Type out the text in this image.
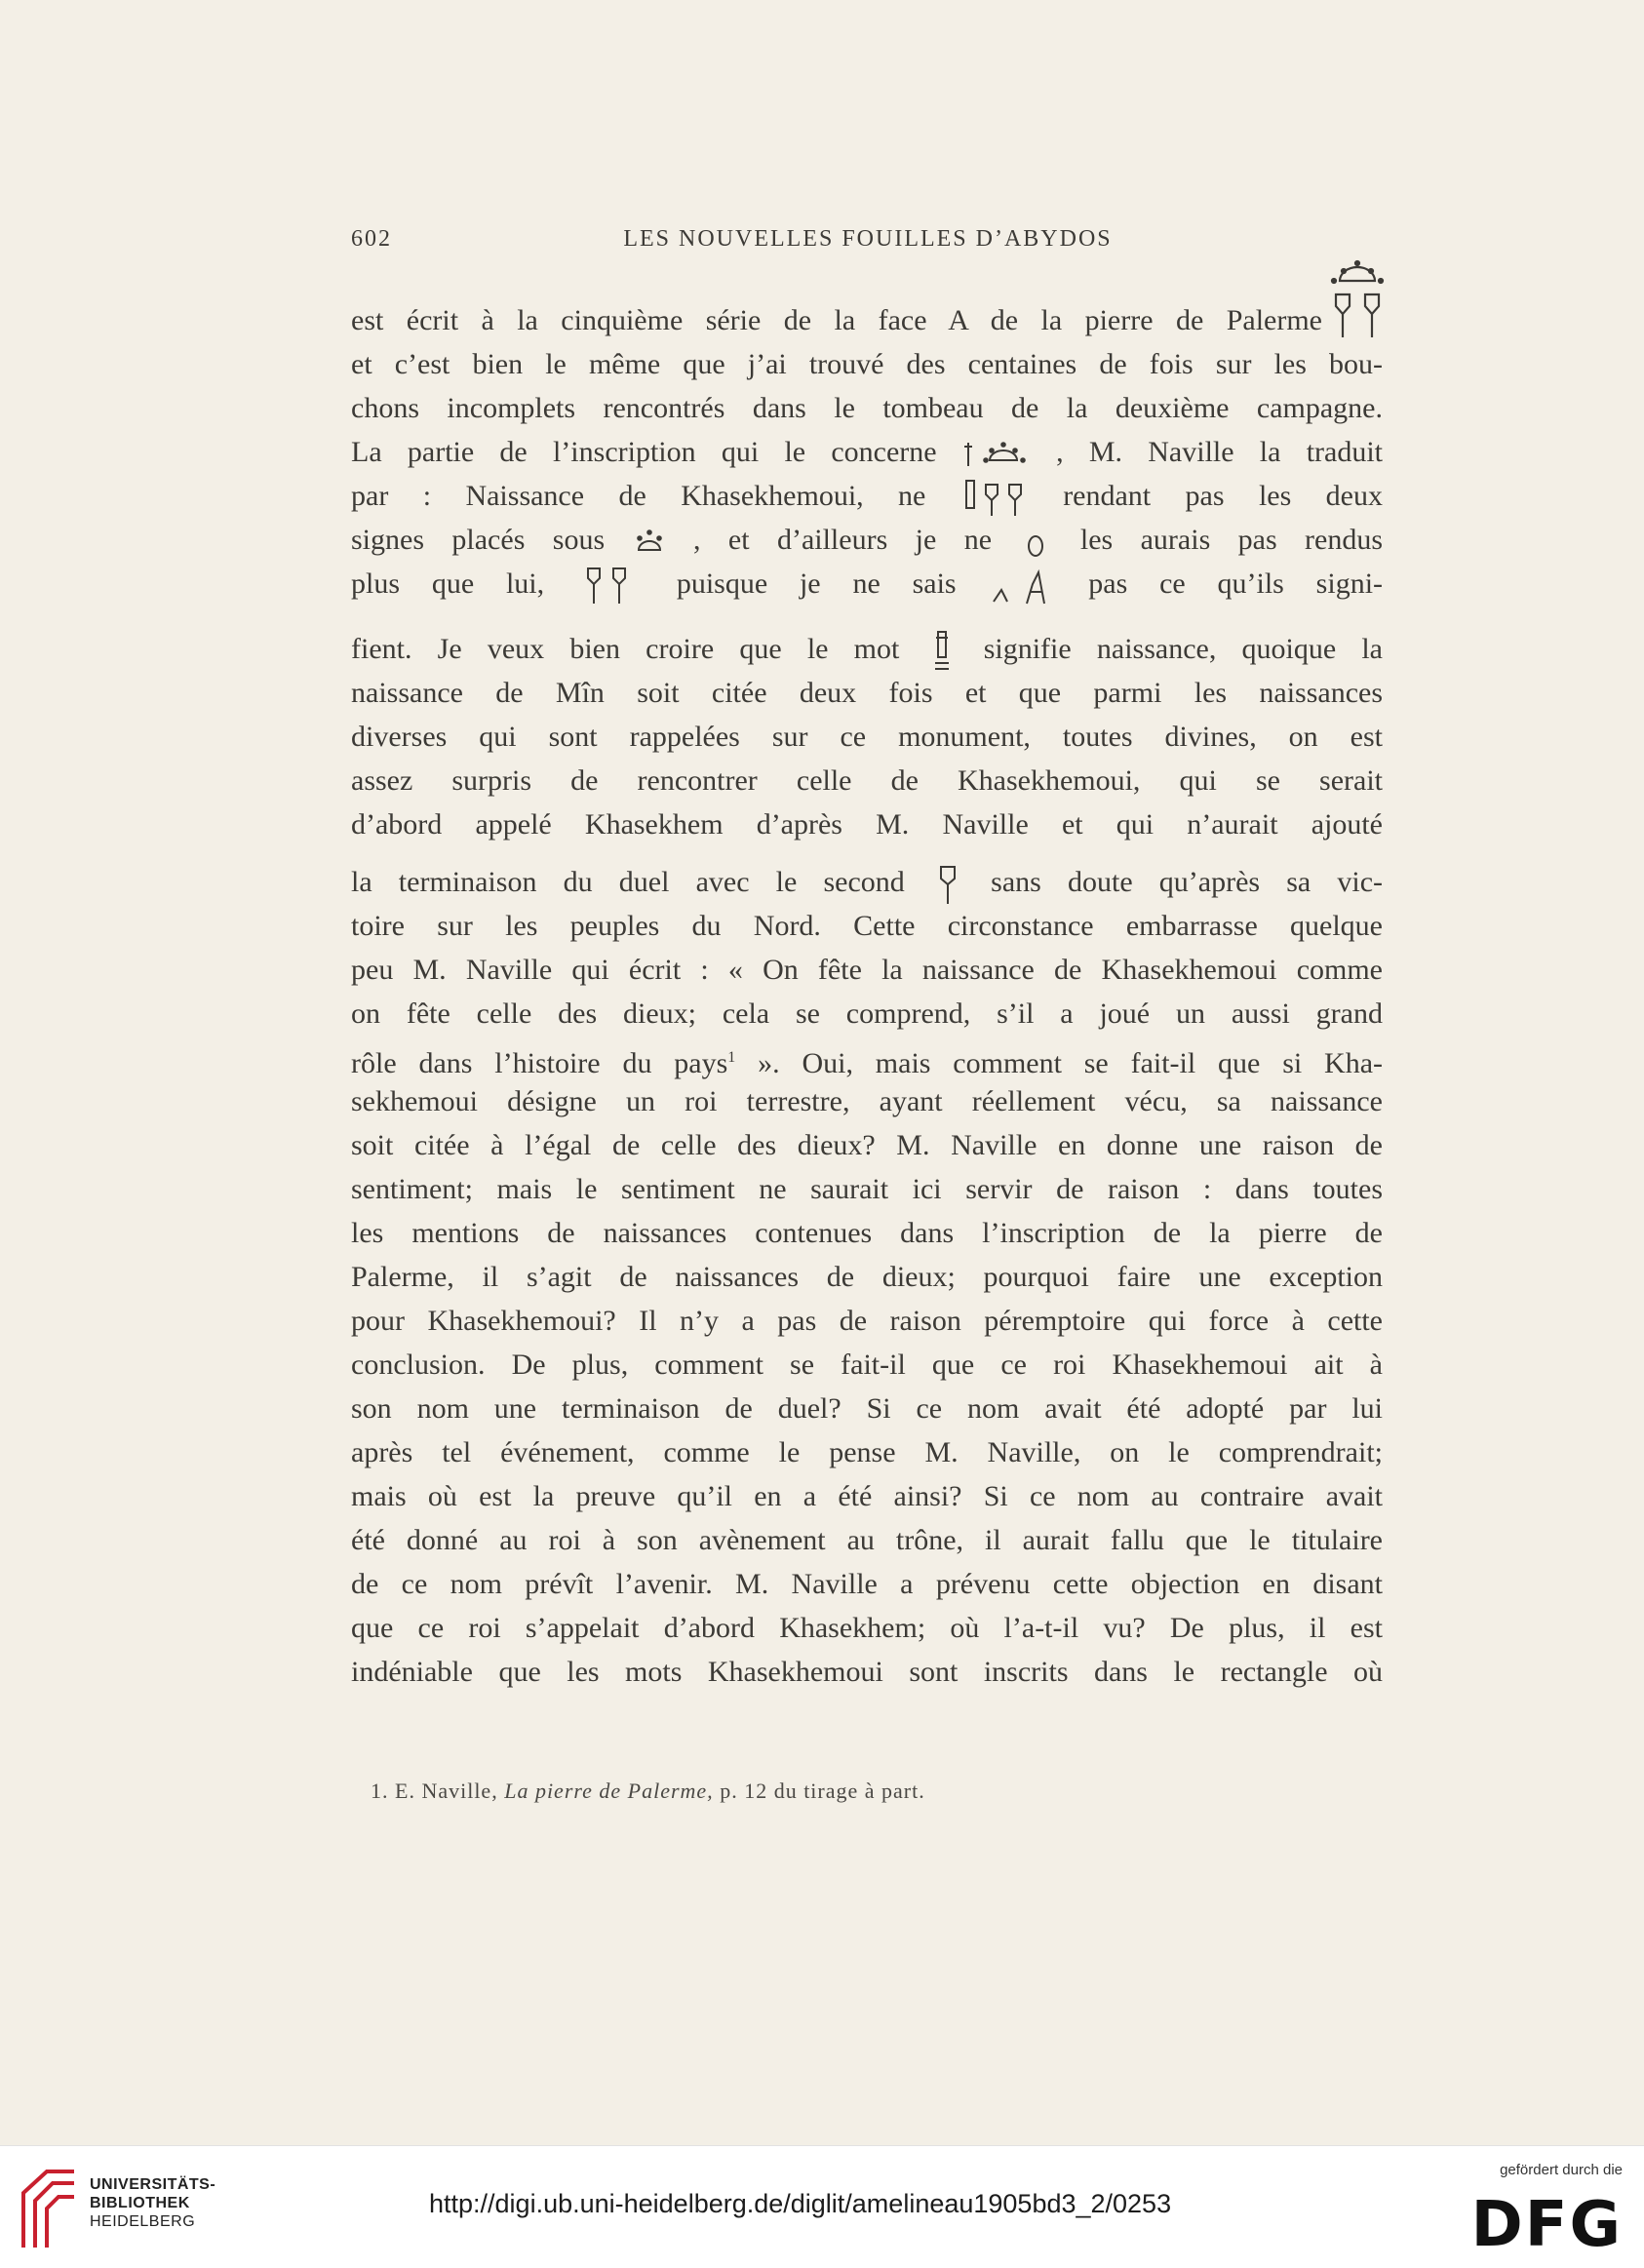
602	LES NOUVELLES FOUILLES D’ABYDOS
est écrit à la cinquième série de la face A de la pierre de Palerme
et c’est bien le même que j’ai trouvé des centaines de fois sur les bou-
chons incomplets rencontrés dans le tombeau de la deuxième campagne.
La partie de l’inscription qui le concerne	, M. Naville la traduit
par : Naissance de Khasekhemoui, ne	rendant pas les deux
signes placés sous	, et d’ailleurs je ne	les aurais pas rendus
plus que lui,	puisque je ne sais	pas ce qu’ils signi-
fient. Je veux bien croire que le mot	signifie naissance, quoique la
naissance de Mîn soit citée deux fois et que parmi les naissances
diverses qui sont rappelées sur ce monument, toutes divines, on est
assez surpris de rencontrer celle de Khasekhemoui, qui se serait
d’abord appelé Khasekhem d’après M. Naville et qui n’aurait ajouté
la terminaison du duel avec le second	sans doute qu’après sa vic-
toire sur les peuples du Nord. Cette circonstance embarrasse quelque
peu M. Naville qui écrit : « On fête la naissance de Khasekhemoui comme
on fête celle des dieux; cela se comprend, s’il a joué un aussi grand
rôle dans l’histoire du pays$^1$ ». Oui, mais comment se fait-il que si Kha-
sekhemoui désigne un roi terrestre, ayant réellement vécu, sa naissance
soit citée à l’égal de celle des dieux? M. Naville en donne une raison de
sentiment; mais le sentiment ne saurait ici servir de raison : dans toutes
les mentions de naissances contenues dans l’inscription de la pierre de
Palerme, il s’agit de naissances de dieux; pourquoi faire une exception
pour Khasekhemoui? Il n’y a pas de raison péremptoire qui force à cette
conclusion. De plus, comment se fait-il que ce roi Khasekhemoui ait à
son nom une terminaison de duel? Si ce nom avait été adopté par lui
après tel événement, comme le pense M. Naville, on le comprendrait;
mais où est la preuve qu’il en a été ainsi? Si ce nom au contraire avait
été donné au roi à son avènement au trône, il aurait fallu que le titulaire
de ce nom prévît l’avenir. M. Naville a prévenu cette objection en disant
que ce roi s’appelait d’abord Khasekhem; où l’a-t-il vu? De plus, il est
indéniable que les mots Khasekhemoui sont inscrits dans le rectangle où
1. E. Naville, La pierre de Palerme, p. 12 du tirage à part.
UNIVERSITÄTS-
BIBLIOTHEK
HEIDELBERG
http://digi.ub.uni-heidelberg.de/diglit/amelineau1905bd3_2/0253
gefördert durch die
DFG
